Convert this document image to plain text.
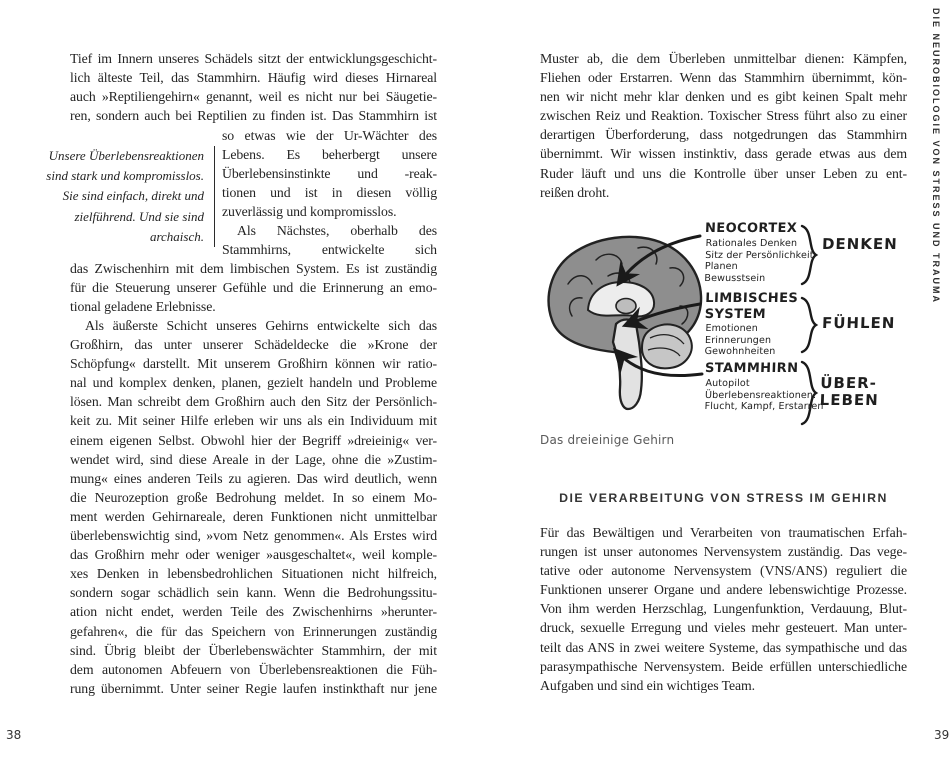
Tief im Innern unseres Schädels sitzt der entwicklungsgeschicht-
lich älteste Teil, das Stammhirn. Häufig wird dieses Hirnareal
auch »Reptiliengehirn« genannt, weil es nicht nur bei Säugetie-
ren, sondern auch bei Reptilien zu finden ist. Das Stammhirn ist
Unsere Überlebensreaktionen
sind stark und kompromisslos.
Sie sind einfach, direkt und
zielführend. Und sie sind
archaisch.
so etwas wie der Ur-Wächter des
Lebens. Es beherbergt unsere
Überlebensinstinkte und -reak-
tionen und ist in diesen völlig
zuverlässig und kompromisslos.
Als Nächstes, oberhalb des
Stammhirns, entwickelte sich
das Zwischenhirn mit dem limbischen System. Es ist zuständig
für die Steuerung unserer Gefühle und die Erinnerung an emo-
tional geladene Erlebnisse.
Als äußerste Schicht unseres Gehirns entwickelte sich das
Großhirn, das unter unserer Schädeldecke die »Krone der
Schöpfung« darstellt. Mit unserem Großhirn können wir ratio-
nal und komplex denken, planen, gezielt handeln und Probleme
lösen. Man schreibt dem Großhirn auch den Sitz der Persönlich-
keit zu. Mit seiner Hilfe erleben wir uns als ein Individuum mit
einem eigenen Selbst. Obwohl hier der Begriff »dreieinig« ver-
wendet wird, sind diese Areale in der Lage, ohne die »Zustim-
mung« eines anderen Teils zu agieren. Das wird deutlich, wenn
die Neurozeption große Bedrohung meldet. In so einem Mo-
ment werden Gehirnareale, deren Funktionen nicht unmittelbar
überlebenswichtig sind, »vom Netz genommen«. Als Erstes wird
das Großhirn mehr oder weniger »ausgeschaltet«, weil komple-
xes Denken in lebensbedrohlichen Situationen nicht hilfreich,
sondern sogar schädlich sein kann. Wenn die Bedrohungssitu-
ation nicht endet, werden Teile des Zwischenhirns »herunter-
gefahren«, die für das Speichern von Erinnerungen zuständig
sind. Übrig bleibt der Überlebenswächter Stammhirn, der mit
dem autonomen Abfeuern von Überlebensreaktionen die Füh-
rung übernimmt. Unter seiner Regie laufen instinkthaft nur jene
Muster ab, die dem Überleben unmittelbar dienen: Kämpfen,
Fliehen oder Erstarren. Wenn das Stammhirn übernimmt, kön-
nen wir nicht mehr klar denken und es gibt keinen Spalt mehr
zwischen Reiz und Reaktion. Toxischer Stress führt also zu einer
derartigen Überforderung, dass notgedrungen das Stammhirn
übernimmt. Wir wissen instinktiv, dass gerade etwas aus dem
Ruder läuft und uns die Kontrolle über unser Leben zu ent-
reißen droht.
NEOCORTEX
Rationales Denken
Sitz der Persönlichkeit
Planen
Bewusstsein
DENKEN
LIMBISCHES SYSTEM
Emotionen
Erinnerungen
Gewohnheiten
FÜHLEN
STAMMHIRN
Autopilot
Überlebensreaktionen:
Flucht, Kampf, Erstarren
ÜBER-LEBEN
Das dreieinige Gehirn
DIE VERARBEITUNG VON STRESS IM GEHIRN
Für das Bewältigen und Verarbeiten von traumatischen Erfah-
rungen ist unser autonomes Nervensystem zuständig. Das vege-
tative oder autonome Nervensystem (VNS/ANS) reguliert die
Funktionen unserer Organe und andere lebenswichtige Prozesse.
Von ihm werden Herzschlag, Lungenfunktion, Verdauung, Blut-
druck, sexuelle Erregung und vieles mehr gesteuert. Man unter-
teilt das ANS in zwei weitere Systeme, das sympathische und das
parasympathische Nervensystem. Beide erfüllen unterschiedliche
Aufgaben und sind ein wichtiges Team.
DIE NEUROBIOLOGIE VON STRESS UND TRAUMA
38	39
